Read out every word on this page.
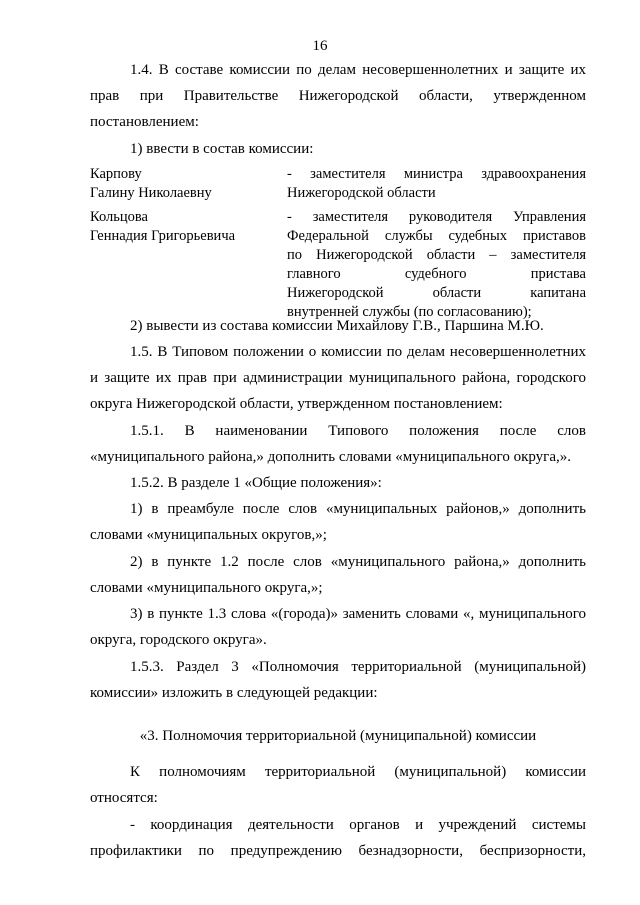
16
1.4. В составе комиссии по делам несовершеннолетних и защите их
прав при Правительстве Нижегородской области, утвержденном
постановлением:
1) ввести в состав комиссии:
Карпову
Галину Николаевну
- заместителя министра здравоохранения
Нижегородской области
Кольцова
Геннадия Григорьевича
- заместителя руководителя Управления
Федеральной службы судебных приставов
по Нижегородской области – заместителя
главного судебного пристава
Нижегородской области капитана
внутренней службы (по согласованию);
2) вывести из состава комиссии Михайлову Г.В., Паршина М.Ю.
1.5. В Типовом положении о комиссии по делам несовершеннолетних
и защите их прав при администрации муниципального района, городского
округа Нижегородской области, утвержденном постановлением:
1.5.1. В наименовании Типового положения после слов
«муниципального района,» дополнить словами «муниципального округа,».
1.5.2. В разделе 1 «Общие положения»:
1) в преамбуле после слов «муниципальных районов,» дополнить
словами «муниципальных округов,»;
2) в пункте 1.2 после слов «муниципального района,» дополнить
словами «муниципального округа,»;
3) в пункте 1.3 слова «(города)» заменить словами «, муниципального
округа, городского округа».
1.5.3. Раздел 3 «Полномочия территориальной (муниципальной)
комиссии» изложить в следующей редакции:
«3. Полномочия территориальной (муниципальной) комиссии
К полномочиям территориальной (муниципальной) комиссии
относятся:
- координация деятельности органов и учреждений системы
профилактики по предупреждению безнадзорности, беспризорности,
